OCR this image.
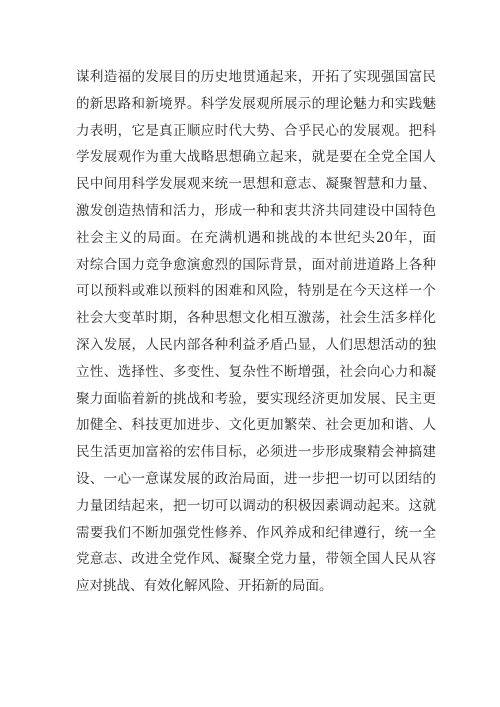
谋利造福的发展目的历史地贯通起来，开拓了实现强国富民
的新思路和新境界。科学发展观所展示的理论魅力和实践魅
力表明，它是真正顺应时代大势、合乎民心的发展观。把科
学发展观作为重大战略思想确立起来，就是要在全党全国人
民中间用科学发展观来统一思想和意志、凝聚智慧和力量、
激发创造热情和活力，形成一种和衷共济共同建设中国特色
社会主义的局面。在充满机遇和挑战的本世纪头20年，面
对综合国力竞争愈演愈烈的国际背景，面对前进道路上各种
可以预料或难以预料的困难和风险，特别是在今天这样一个
社会大变革时期，各种思想文化相互激荡，社会生活多样化
深入发展，人民内部各种利益矛盾凸显，人们思想活动的独
立性、选择性、多变性、复杂性不断增强，社会向心力和凝
聚力面临着新的挑战和考验，要实现经济更加发展、民主更
加健全、科技更加进步、文化更加繁荣、社会更加和谐、人
民生活更加富裕的宏伟目标，必须进一步形成聚精会神搞建
设、一心一意谋发展的政治局面，进一步把一切可以团结的
力量团结起来，把一切可以调动的积极因素调动起来。这就
需要我们不断加强党性修养、作风养成和纪律遵行，统一全
党意志、改进全党作风、凝聚全党力量，带领全国人民从容
应对挑战、有效化解风险、开拓新的局面。
